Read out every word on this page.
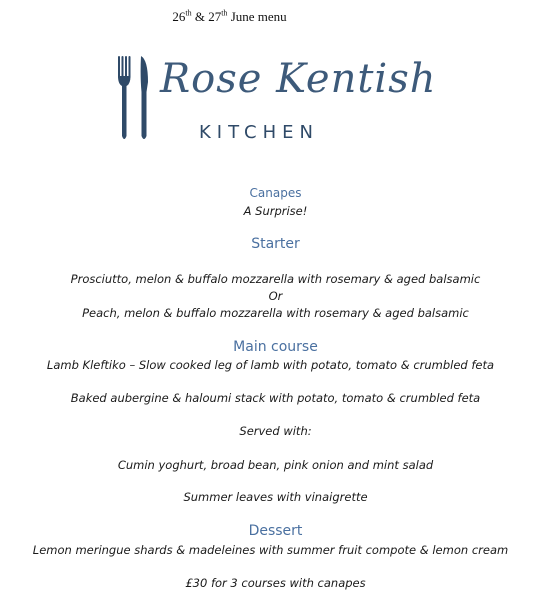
26th & 27th June menu
Rose Kentish
KITCHEN
Canapes
A Surprise!
Starter
Prosciutto, melon & buffalo mozzarella with rosemary & aged balsamic
Or
Peach, melon & buffalo mozzarella with rosemary & aged balsamic
Main course
Lamb Kleftiko – Slow cooked leg of lamb with potato, tomato & crumbled feta
Baked aubergine & haloumi stack with potato, tomato & crumbled feta
Served with:
Cumin yoghurt, broad bean, pink onion and mint salad
Summer leaves with vinaigrette
Dessert
Lemon meringue shards & madeleines with summer fruit compote & lemon cream
£30 for 3 courses with canapes
